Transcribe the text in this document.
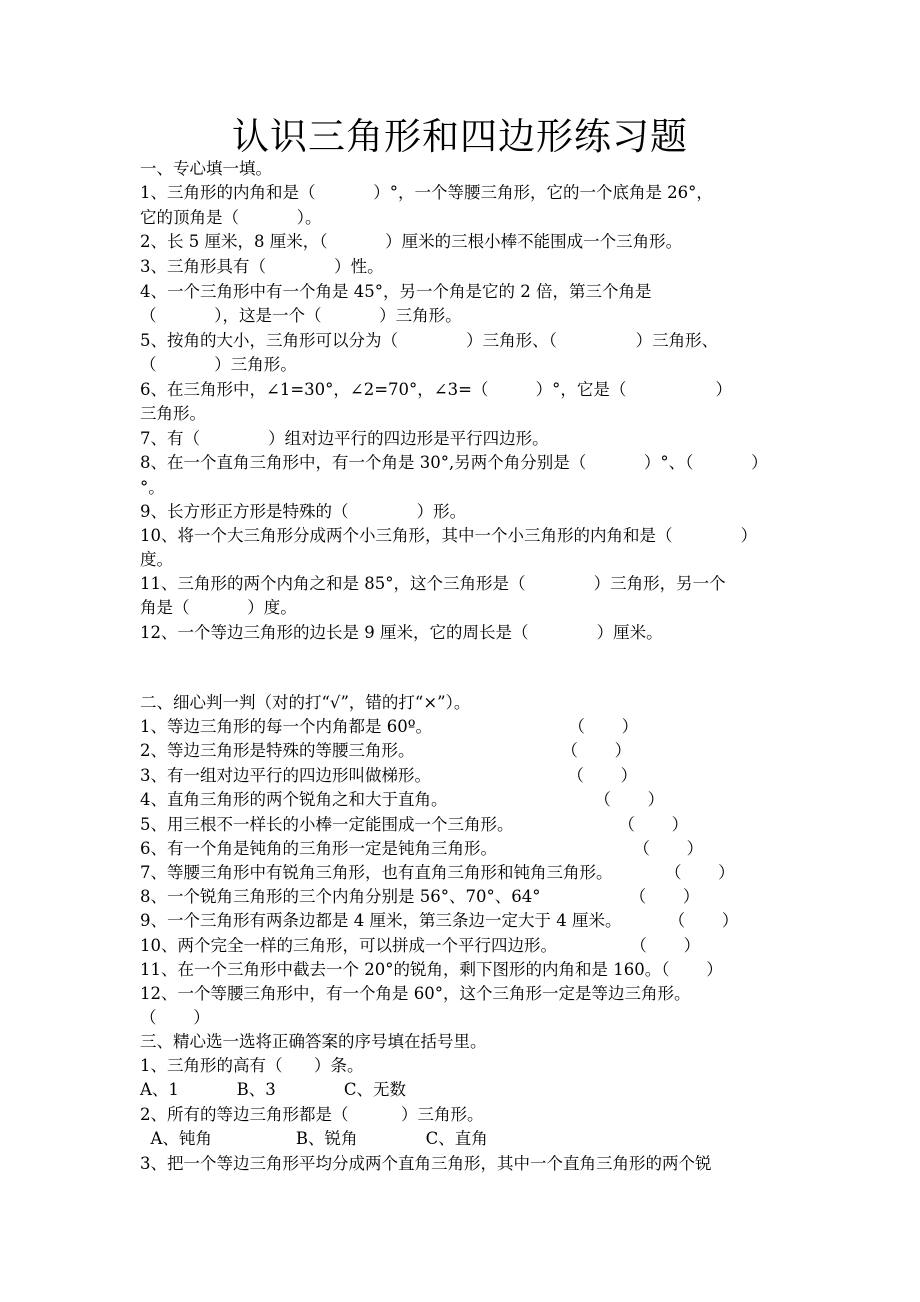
认识三角形和四边形练习题
一、专心填一填。
1、三角形的内角和是（           ）°，一个等腰三角形，它的一个底角是 26°，
它的顶角是（           ）。
2、长 5 厘米，8 厘米，（           ）厘米的三根小棒不能围成一个三角形。
3、三角形具有（             ）性。
4、一个三角形中有一个角是 45°，另一个角是它的 2 倍，第三个角是
（           ），这是一个（           ）三角形。
5、按角的大小，三角形可以分为（             ）三角形、（               ）三角形、
（           ）三角形。
6、在三角形中，∠1=30°，∠2=70°，∠3=（         ）°，它是（                 ）
三角形。
7、有（             ）组对边平行的四边形是平行四边形。
8、在一个直角三角形中，有一个角是 30°,另两个角分别是（           ）°、（           ）
°。
9、长方形正方形是特殊的（             ）形。
10、将一个大三角形分成两个小三角形，其中一个小三角形的内角和是（             ）
度。
11、三角形的两个内角之和是 85°，这个三角形是（             ）三角形，另一个
角是（           ）度。
12、一个等边三角形的边长是 9 厘米，它的周长是（             ）厘米。
二、细心判一判（对的打“√”，错的打“×”）。
1、等边三角形的每一个内角都是 60º。                          （       ）
2、等边三角形是特殊的等腰三角形。                            （       ）
3、有一组对边平行的四边形叫做梯形。                          （       ）
4、直角三角形的两个锐角之和大于直角。                            （       ）
5、用三根不一样长的小棒一定能围成一个三角形。                    （       ）
6、有一个角是钝角的三角形一定是钝角三角形。                          （       ）
7、等腰三角形中有锐角三角形，也有直角三角形和钝角三角形。          （       ）
8、一个锐角三角形的三个内角分别是 56°、70°、64°                 （       ）
9、一个三角形有两条边都是 4 厘米，第三条边一定大于 4 厘米。         （       ）
10、两个完全一样的三角形，可以拼成一个平行四边形。              （       ）
11、在一个三角形中截去一个 20°的锐角，剩下图形的内角和是 160。（       ）
12、一个等腰三角形中，有一个角是 60°，这个三角形一定是等边三角形。
（       ）
三、精心选一选将正确答案的序号填在括号里。
1、三角形的高有（      ）条。
A、1           B、3             C、无数
2、所有的等边三角形都是（          ）三角形。
A、钝角                B、锐角             C、直角
3、把一个等边三角形平均分成两个直角三角形，其中一个直角三角形的两个锐
